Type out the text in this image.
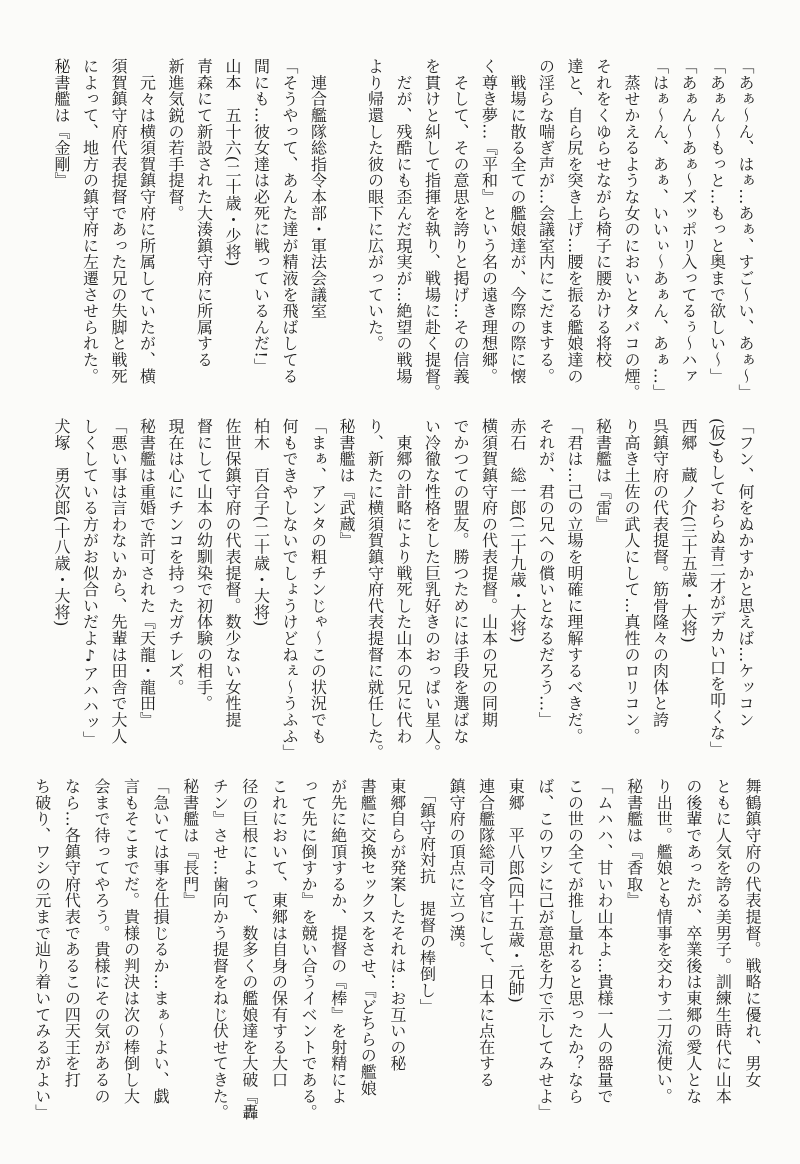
「あぁ～ん、はぁ…あぁ、すご～い、あぁ～」
「あぁん～もっと…もっと奥まで欲しい～」
「あぁん～あぁ～ズッポリ入ってるぅ～ハァ
「はぁ～ん、あぁ、いいぃ～あぁん、あぁ…」
　蒸せかえるような女のにおいとタバコの煙。
それをくゆらせながら椅子に腰かける将校
達と、自ら尻を突き上げ…腰を振る艦娘達の
の淫らな喘ぎ声が…会議室内にこだまする。
　戦場に散る全ての艦娘達が、今際の際に懐
く尊き夢…『平和』という名の遠き理想郷。
　そして、その意思を誇りと掲げ…その信義
を貫けと糾して指揮を執り、戦場に赴く提督。
　だが、残酷にも歪んだ現実が…絶望の戦場
より帰還した彼の眼下に広がっていた。
　連合艦隊総指令本部・軍法会議室
「そうやって、あんた達が精液を飛ばしてる
間にも…彼女達は必死に戦っているんだ!」
山本　五十六(二十歳・少将)
青森にて新設された大湊鎮守府に所属する
新進気鋭の若手提督。
　元々は横須賀鎮守府に所属していたが、横
須賀鎮守府代表提督であった兄の失脚と戦死
によって、地方の鎮守府に左遷させられた。
秘書艦は『金剛』
「フン、何をぬかすかと思えば…ケッコン
(仮)もしておらぬ青二才がデカい口を叩くな」
西郷　蔵ノ介(三十五歳・大将)
呉鎮守府の代表提督。筋骨隆々の肉体と誇
り高き土佐の武人にして…真性のロリコン。
秘書艦は『雷』
「君は…己の立場を明確に理解するべきだ。
それが、君の兄への償いとなるだろう…」
赤石　総一郎(二十九歳・大将)
横須賀鎮守府の代表提督。山本の兄の同期
でかつての盟友。勝つためには手段を選ばな
い冷徹な性格をした巨乳好きのおっぱい星人。
　東郷の計略により戦死した山本の兄に代わ
り、新たに横須賀鎮守府代表提督に就任した。
秘書艦は『武蔵』
「まぁ、アンタの粗チンじゃ～この状況でも
何もできやしないでしょうけどねぇ～うふふ」
柏木　百合子(二十歳・大将)
佐世保鎮守府の代表提督。数少ない女性提
督にして山本の幼馴染で初体験の相手。
現在は心にチンコを持ったガチレズ。
秘書艦は重婚で許可された『天龍・龍田』
「悪い事は言わないから、先輩は田舎で大人
しくしている方がお似合いだよ♪アハハッ」
犬塚　勇次郎(十八歳・大将)
舞鶴鎮守府の代表提督。戦略に優れ、男女
ともに人気を誇る美男子。訓練生時代に山本
の後輩であったが、卒業後は東郷の愛人とな
り出世。艦娘とも情事を交わす二刀流使い。
秘書艦は『香取』
「ムハハ、甘いわ山本よ…貴様一人の器量で
この世の全てが推し量れると思ったか？なら
ば、このワシに己が意思を力で示してみせよ」
東郷　平八郎(四十五歳・元帥)
連合艦隊総司令官にして、日本に点在する
鎮守府の頂点に立つ漢。
　「鎮守府対抗　提督の棒倒し」
東郷自らが発案したそれは…お互いの秘
書艦に交換セックスをさせ、『どちらの艦娘
が先に絶頂するか、提督の『棒』を射精によ
って先に倒すか』を競い合うイベントである。
これにおいて、東郷は自身の保有する大口
径の巨根によって、数多くの艦娘達を大破『轟
チン』させ…歯向かう提督をねじ伏せてきた。
秘書艦は『長門』
「急いては事を仕損じるか…まぁ～よい、戯
言もそこまでだ。貴様の判決は次の棒倒し大
会まで待ってやろう。貴様にその気があるの
なら…各鎮守府代表であるこの四天王を打
ち破り、ワシの元まで辿り着いてみるがよい」
